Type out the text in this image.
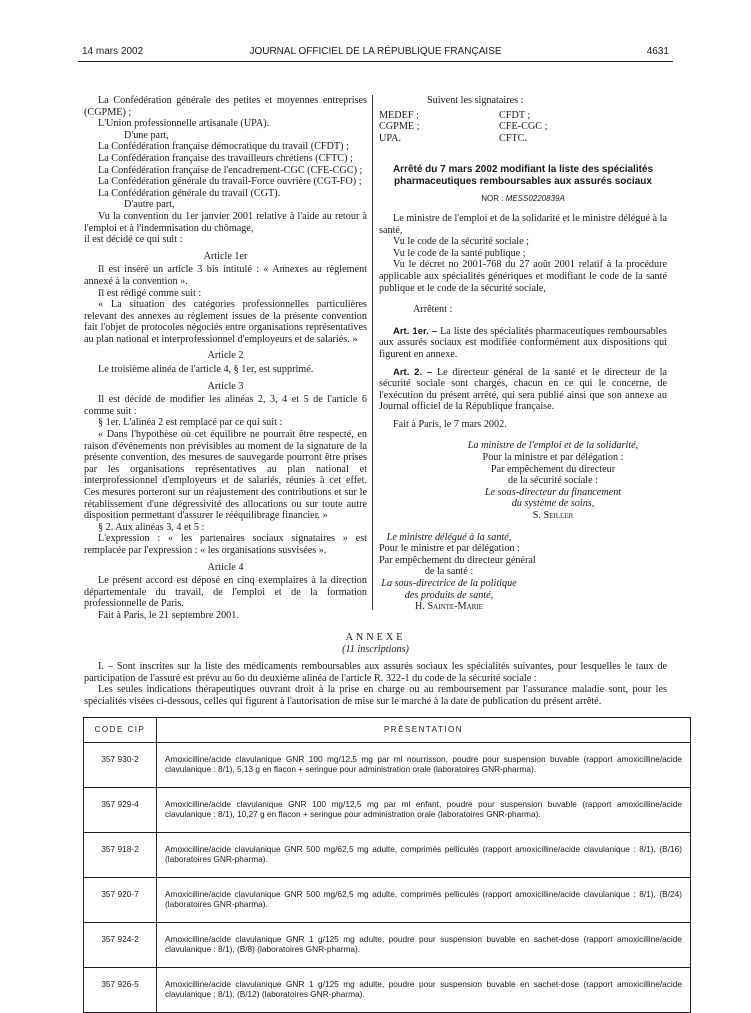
14 mars 2002	JOURNAL OFFICIEL DE LA RÉPUBLIQUE FRANÇAISE	4631

La Confédération générale des petites et moyennes entreprises (CGPME) ;

L'Union professionnelle artisanale (UPA).

D'une part,

La Confédération française démocratique du travail (CFDT) ;

La Confédération française des travailleurs chrétiens (CFTC) ;

La Confédération française de l'encadrement-CGC (CFE-CGC) ;

La Confédération générale du travail-Force ouvrière (CGT-FO) ;

La Confédération générale du travail (CGT).

D'autre part,

Vu la convention du 1er janvier 2001 relative à l'aide au retour à l'emploi et à l'indemnisation du chômage,

il est décidé ce qui suit :

Article 1er

Il est inséré un article 3 bis intitulé : « Annexes au règlement annexé à la convention ».

Il est rédigé comme suit :

« La situation des catégories professionnelles particulières relevant des annexes au règlement issues de la présente convention fait l'objet de protocoles négociés entre organisations représentatives au plan national et interprofessionnel d'employeurs et de salariés. »

Article 2

Le troisième alinéa de l'article 4, § 1er, est supprimé.

Article 3

Il est décidé de modifier les alinéas 2, 3, 4 et 5 de l'article 6 comme suit :

§ 1er. L'alinéa 2 est remplacé par ce qui suit :

« Dans l'hypothèse où cet équilibre ne pourrait être respecté, en raison d'événements non prévisibles au moment de la signature de la présente convention, des mesures de sauvegarde pourront être prises par les organisations représentatives au plan national et interprofessionnel d'employeurs et de salariés, réunies à cet effet. Ces mesures porteront sur un réajustement des contributions et sur le rétablissement d'une dégressivité des allocations ou sur toute autre disposition permettant d'assurer le rééquilibrage financier. »

§ 2. Aux alinéas 3, 4 et 5 :

L'expression : « les partenaires sociaux signataires » est remplacée par l'expression : « les organisations susvisées ».

Article 4

Le présent accord est déposé en cinq exemplaires à la direction départementale du travail, de l'emploi et de la formation professionnelle de Paris.

Fait à Paris, le 21 septembre 2001.

Suivent les signataires :

MEDEF ;	CFDT ;
CGPME ;	CFE-CGC ;
UPA.	CFTC.

Arrêté du 7 mars 2002 modifiant la liste des spécialités pharmaceutiques remboursables aux assurés sociaux

NOR : MESS0220839A

Le ministre de l'emploi et de la solidarité et le ministre délégué à la santé,

Vu le code de la sécurité sociale ;

Vu le code de la santé publique ;

Vu le décret no 2001-768 du 27 août 2001 relatif à la procédure applicable aux spécialités génériques et modifiant le code de la santé publique et le code de la sécurité sociale,

Arrêtent :

Art. 1er. – La liste des spécialités pharmaceutiques remboursables aux assurés sociaux est modifiée conformément aux dispositions qui figurent en annexe.

Art. 2. – Le directeur général de la santé et le directeur de la sécurité sociale sont chargés, chacun en ce qui le concerne, de l'exécution du présent arrêté, qui sera publié ainsi que son annexe au Journal officiel de la République française.

Fait à Paris, le 7 mars 2002.

La ministre de l'emploi et de la solidarité,

Pour la ministre et par délégation :

Par empêchement du directeur

de la sécurité sociale :

Le sous-directeur du financement

du système de soins,

S. Seiller

Le ministre délégué à la santé,

Pour le ministre et par délégation :

Par empêchement du directeur général

de la santé :

La sous-directrice de la politique

des produits de santé,

H. Sainte-Marie

ANNEXE

(11 inscriptions)

I. – Sont inscrites sur la liste des médicaments remboursables aux assurés sociaux les spécialités suivantes, pour lesquelles le taux de participation de l'assuré est prévu au 6o du deuxième alinéa de l'article R. 322-1 du code de la sécurité sociale :

Les seules indications thérapeutiques ouvrant droit à la prise en charge ou au remboursement par l'assurance maladie sont, pour les spécialités visées ci-dessous, celles qui figurent à l'autorisation de mise sur le marché à la date de publication du présent arrêté.

CODE CIP	PRÉSENTATION
357 930-2	Amoxicilline/acide clavulanique GNR 100 mg/12,5 mg par ml nourrisson, poudre pour suspension buvable (rapport amoxicilline/acide clavulanique : 8/1), 5,13 g en flacon + seringue pour administration orale (laboratoires GNR-pharma).
357 929-4	Amoxicilline/acide clavulanique GNR 100 mg/12,5 mg par ml enfant, poudre pour suspension buvable (rapport amoxicilline/acide clavulanique : 8/1), 10,27 g en flacon + seringue pour administration orale (laboratoires GNR-pharma).
357 918-2	Amoxicilline/acide clavulanique GNR 500 mg/62,5 mg adulte, comprimés pelliculés (rapport amoxicilline/acide clavulanique : 8/1), (B/16) (laboratoires GNR-pharma).
357 920-7	Amoxicilline/acide clavulanique GNR 500 mg/62,5 mg adulte, comprimés pelliculés (rapport amoxicilline/acide clavulanique : 8/1), (B/24) (laboratoires GNR-pharma).
357 924-2	Amoxicilline/acide clavulanique GNR 1 g/125 mg adulte, poudre pour suspension buvable en sachet-dose (rapport amoxicilline/acide clavulanique : 8/1), (B/8) (laboratoires GNR-pharma).
357 926-5	Amoxicilline/acide clavulanique GNR 1 g/125 mg adulte, poudre pour suspension buvable en sachet-dose (rapport amoxicilline/acide clavulanique : 8/1), (B/12) (laboratoires GNR-pharma).
